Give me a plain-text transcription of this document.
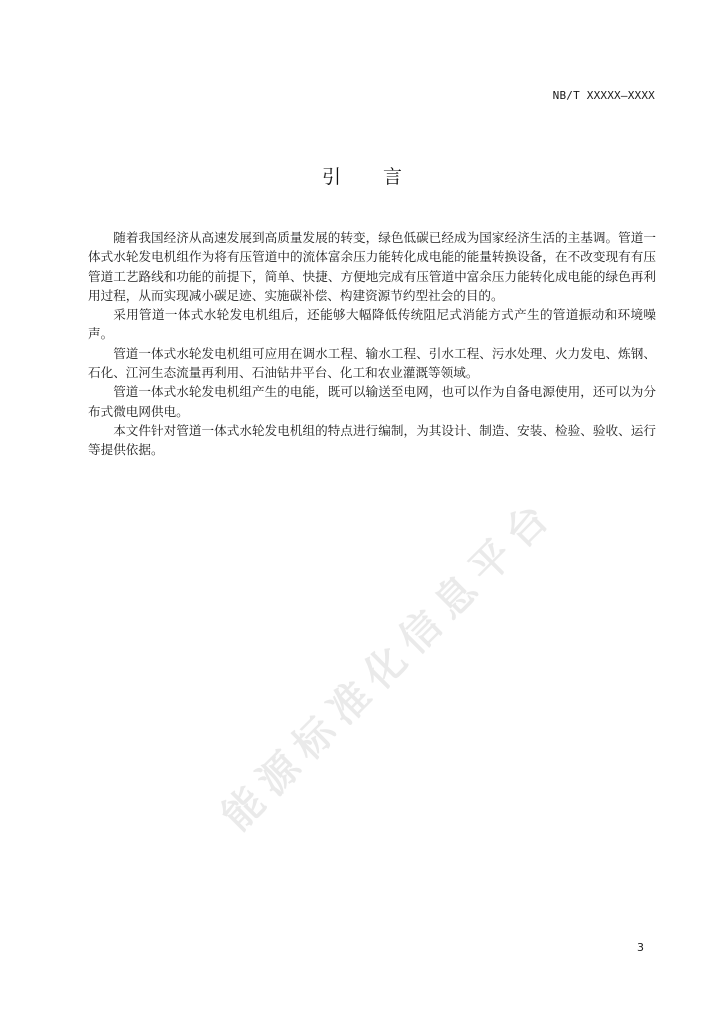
NB/T XXXXX—XXXX
引言

随着我国经济从高速发展到高质量发展的转变，绿色低碳已经成为国家经济生活的主基调。管道一体式水轮发电机组作为将有压管道中的流体富余压力能转化成电能的能量转换设备，在不改变现有有压管道工艺路线和功能的前提下，简单、快捷、方便地完成有压管道中富余压力能转化成电能的绿色再利用过程，从而实现减小碳足迹、实施碳补偿、构建资源节约型社会的目的。

采用管道一体式水轮发电机组后，还能够大幅降低传统阻尼式消能方式产生的管道振动和环境噪声。

管道一体式水轮发电机组可应用在调水工程、输水工程、引水工程、污水处理、火力发电、炼钢、石化、江河生态流量再利用、石油钻井平台、化工和农业灌溉等领域。

管道一体式水轮发电机组产生的电能，既可以输送至电网，也可以作为自备电源使用，还可以为分布式微电网供电。

本文件针对管道一体式水轮发电机组的特点进行编制，为其设计、制造、安装、检验、验收、运行等提供依据。

能源标准化信息平台
3
